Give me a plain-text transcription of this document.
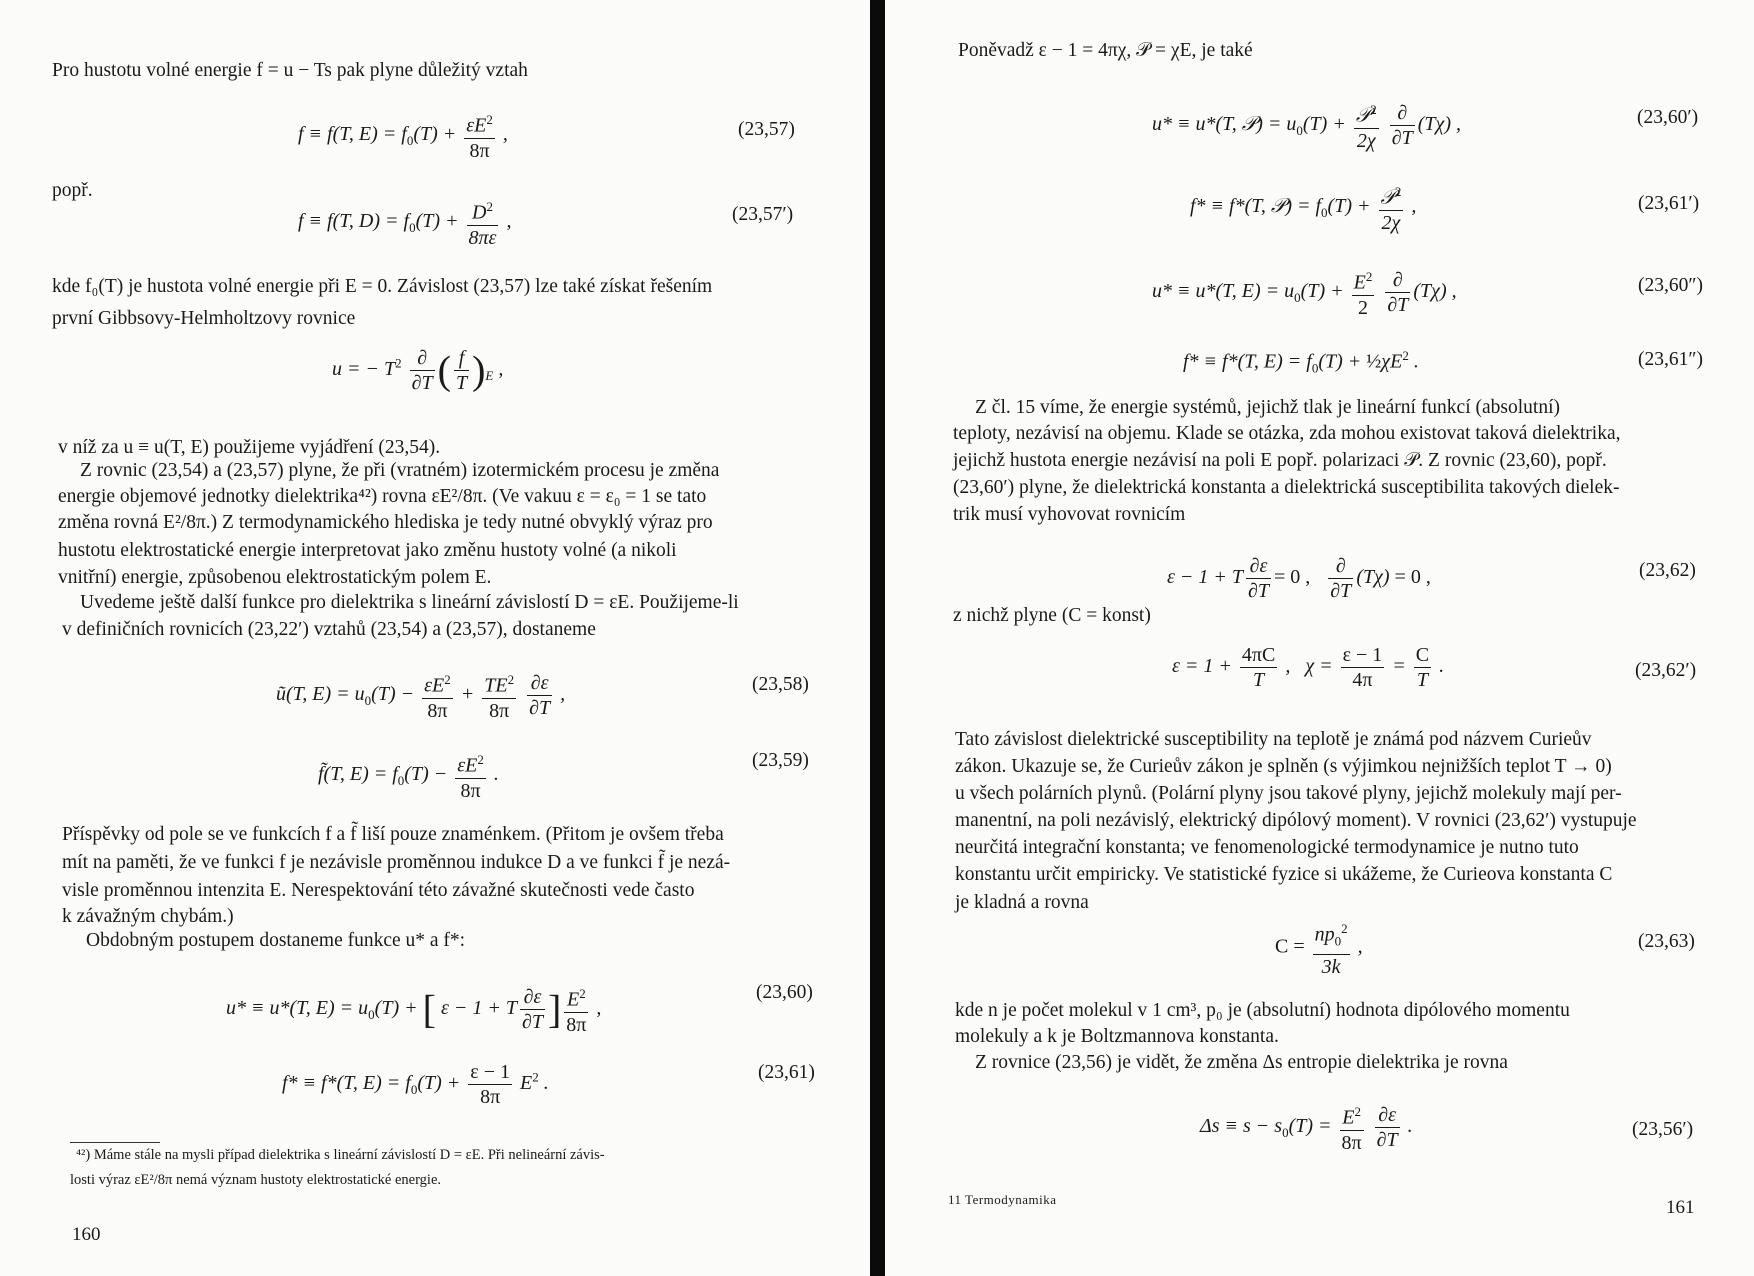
Pro hustotu volné energie f = u − Ts pak plyne důležitý vztah
f ≡ f(T, $E) = f_0(T) + \frac{\varepsilon E^2}{8\pi}$ ,	(23,57)
popř.
f ≡ f(T, $D) = f_0(T) + \frac{D^2}{8\pi\varepsilon}$ ,	(23,57′)
kde f₀(T) je hustota volné energie při E = 0. Závislost (23,57) lze také získat řešením
první Gibbsovy-Helmholtzovy rovnice
u = − $T^2 \frac{\partial}{\partial T}$ ( $\frac{f}{T} )_E$ ,
v níž za u ≡ u(T, E) použijeme vyjádření (23,54).
Z rovnic (23,54) a (23,57) plyne, že při (vratném) izotermickém procesu je změna
energie objemové jednotky dielektrika⁴²) rovna εE²/8π. (Ve vakuu ε = ε₀ = 1 se tato
změna rovná E²/8π.) Z termodynamického hlediska je tedy nutné obvyklý výraz pro
hustotu elektrostatické energie interpretovat jako změnu hustoty volné (a nikoli
vnitřní) energie, způsobenou elektrostatickým polem E.
Uvedeme ještě další funkce pro dielektrika s lineární závislostí D = εE. Použijeme-li
v definičních rovnicích (23,22′) vztahů (23,54) a (23,57), dostaneme
ũ(T, $E) = u_0(T) - \frac{\varepsilon E^2}{8\pi} + \frac{TE^2}{8\pi}$
$\frac{\partial\varepsilon}{\partial T}$ ,	(23,58)
f̃(T, $E) = f_0(T) - \frac{\varepsilon E^2}{8\pi}$ .
(23,59)
Příspěvky od pole se ve funkcích f a f̃ liší pouze znaménkem. (Přitom je ovšem třeba
mít na paměti, že ve funkci f je nezávisle proměnnou indukce D a ve funkci f̃ je nezá-
visle proměnnou intenzita E. Nerespektování této závažné skutečnosti vede často
k závažným chybám.)
Obdobným postupem dostaneme funkce u* a f*:
u* ≡ u*(T, $E) = u_0(T)$ + [ ε − 1 + T $\frac{\partial\varepsilon}{\partial T}$ ] $\frac{E^2}{8\pi}$ ,
(23,60)
f* ≡ f*(T, $E) = f_0(T) + \frac{\varepsilon - 1}{8\pi} E^2$ .	(23,61)
⁴²) Máme stále na mysli případ dielektrika s lineární závislostí D = εE. Při nelineární závis-
losti výraz εE²/8π nemá význam hustoty elektrostatické energie.
160
Poněvadž ε − 1 = 4πχ, 𝒫 = χE, je také
u* ≡ u*(T, 𝒫) = $u_0(T) + \frac{𝒫^2}{2\chi}$
$\frac{\partial}{\partial T} (T\chi)$ ,	(23,60′)
f* ≡ f*(T, 𝒫) = $f_0(T) + \frac{𝒫^2}{2\chi}$ ,	(23,61′)
u* ≡ u*(T, $E) = u_0(T) + \frac{E^2}{2}$
$\frac{\partial}{\partial T} (T\chi)$ ,	(23,60″)
f* ≡ f*(T, $E) = f_0(T)$ + $\frac{1}{2}\chi E^2$ .	(23,61″)
Z čl. 15 víme, že energie systémů, jejichž tlak je lineární funkcí (absolutní)
teploty, nezávisí na objemu. Klade se otázka, zda mohou existovat taková dielektrika,
jejichž hustota energie nezávisí na poli E popř. polarizaci 𝒫. Z rovnic (23,60), popř.
(23,60′) plyne, že dielektrická konstanta a dielektrická susceptibilita takových dielek-
trik musí vyhovovat rovnicím
ε − 1 + T $\frac{\partial\varepsilon}{\partial T} = 0$ , $\frac{\partial}{\partial T} (T\chi) = 0$ ,	(23,62)
z nichž plyne (C = konst)
$\varepsilon = 1 + \frac{4\pi C}{T}$ ,   $\chi = \frac{\varepsilon - 1}{4\pi} = \frac{C}{T}$ .	(23,62′)
Tato závislost dielektrické susceptibility na teplotě je známá pod názvem Curieův
zákon. Ukazuje se, že Curieův zákon je splněn (s výjimkou nejnižších teplot T → 0)
u všech polárních plynů. (Polární plyny jsou takové plyny, jejichž molekuly mají per-
manentní, na poli nezávislý, elektrický dipólový moment). V rovnici (23,62′) vystupuje
neurčitá integrační konstanta; ve fenomenologické termodynamice je nutno tuto
konstantu určit empiricky. Ve statistické fyzice si ukážeme, že Curieova konstanta C
je kladná a rovna
$C = \frac{np_0^2}{3k}$ ,	(23,63)
kde n je počet molekul v 1 cm³, p₀ je (absolutní) hodnota dipólového momentu
molekuly a k je Boltzmannova konstanta.
Z rovnice (23,56) je vidět, že změna Δs entropie dielektrika je rovna
$\Delta s \equiv s - s_0(T) = \frac{E^2}{8\pi}$
$\frac{\partial\varepsilon}{\partial T}$ .	(23,56′)
11 Termodynamika	161
